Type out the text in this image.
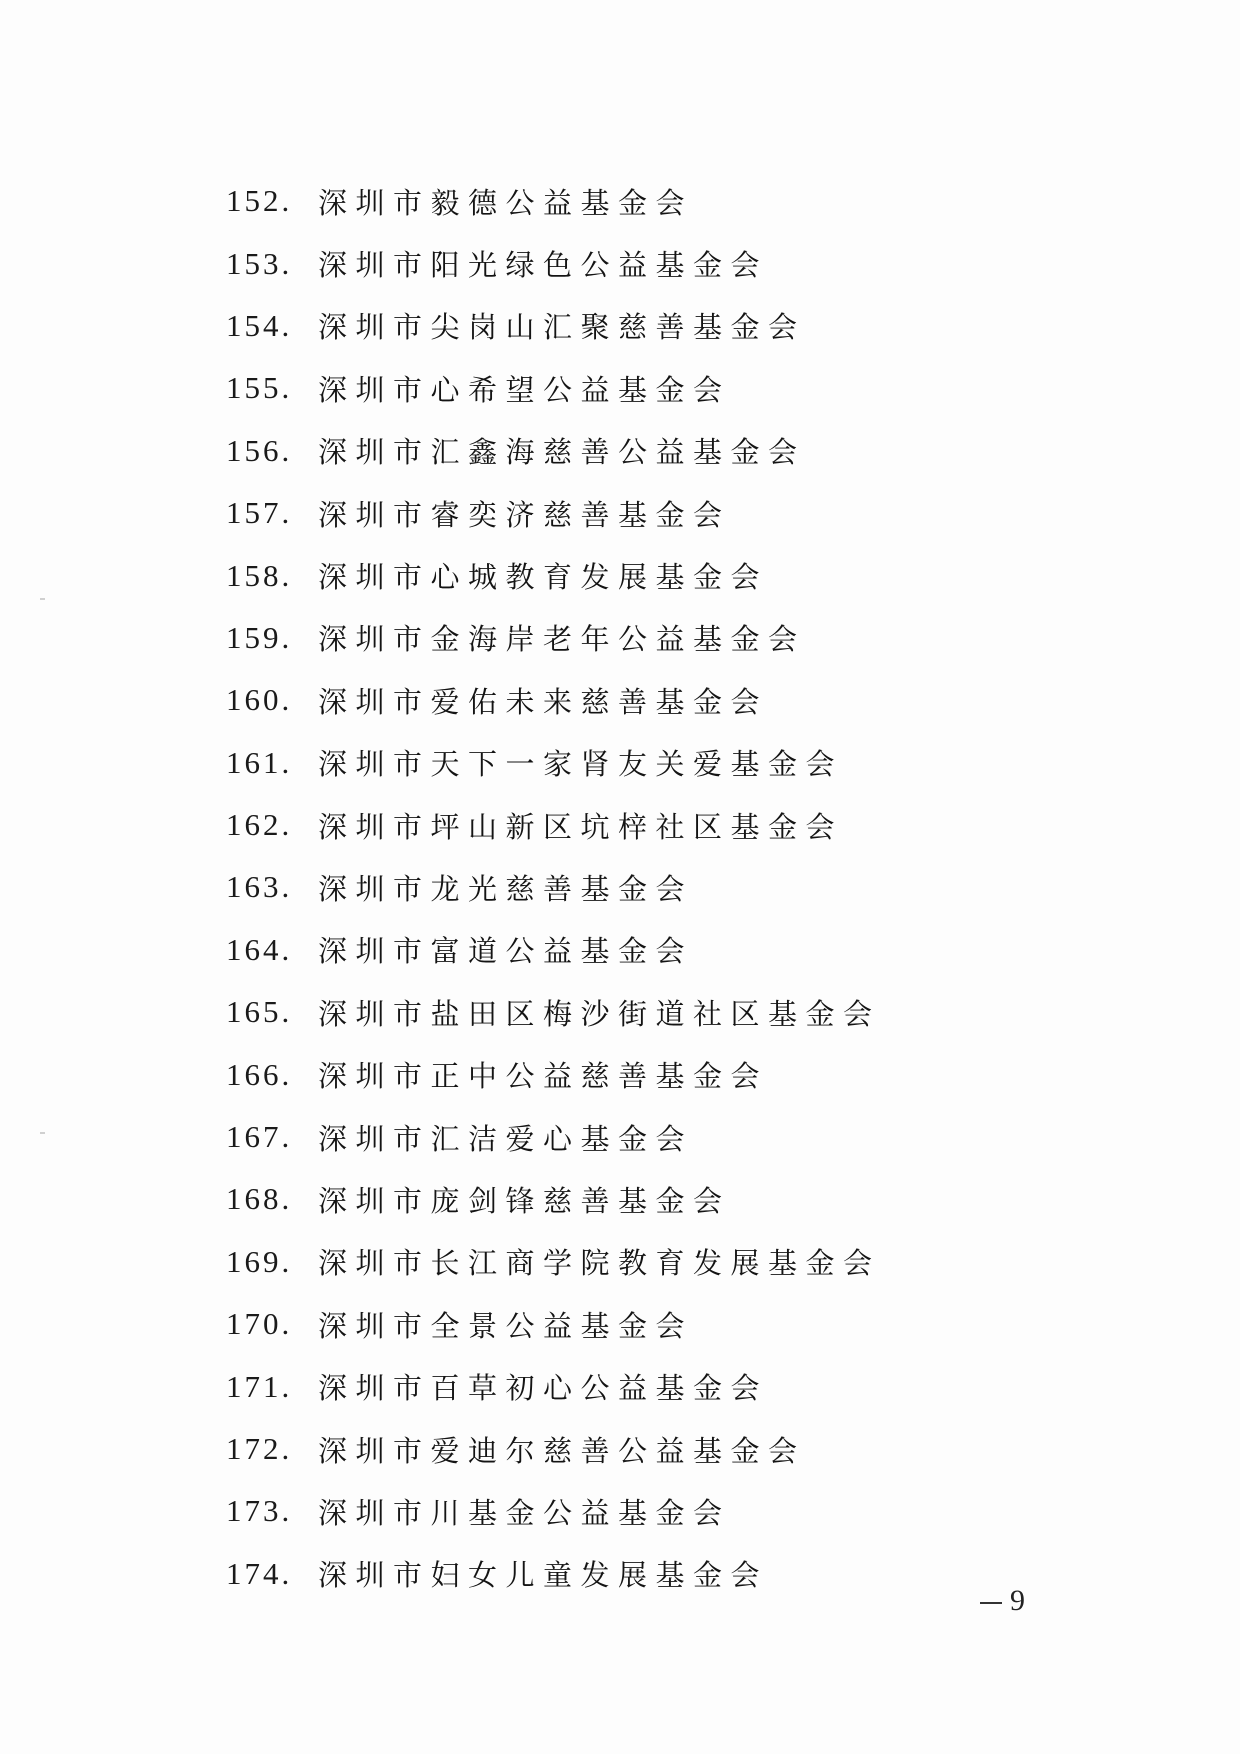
152. 深圳市毅德公益基金会
153. 深圳市阳光绿色公益基金会
154. 深圳市尖岗山汇聚慈善基金会
155. 深圳市心希望公益基金会
156. 深圳市汇鑫海慈善公益基金会
157. 深圳市睿奕济慈善基金会
158. 深圳市心城教育发展基金会
159. 深圳市金海岸老年公益基金会
160. 深圳市爱佑未来慈善基金会
161. 深圳市天下一家肾友关爱基金会
162. 深圳市坪山新区坑梓社区基金会
163. 深圳市龙光慈善基金会
164. 深圳市富道公益基金会
165. 深圳市盐田区梅沙街道社区基金会
166. 深圳市正中公益慈善基金会
167. 深圳市汇洁爱心基金会
168. 深圳市庞剑锋慈善基金会
169. 深圳市长江商学院教育发展基金会
170. 深圳市全景公益基金会
171. 深圳市百草初心公益基金会
172. 深圳市爱迪尔慈善公益基金会
173. 深圳市川基金公益基金会
174. 深圳市妇女儿童发展基金会
9
